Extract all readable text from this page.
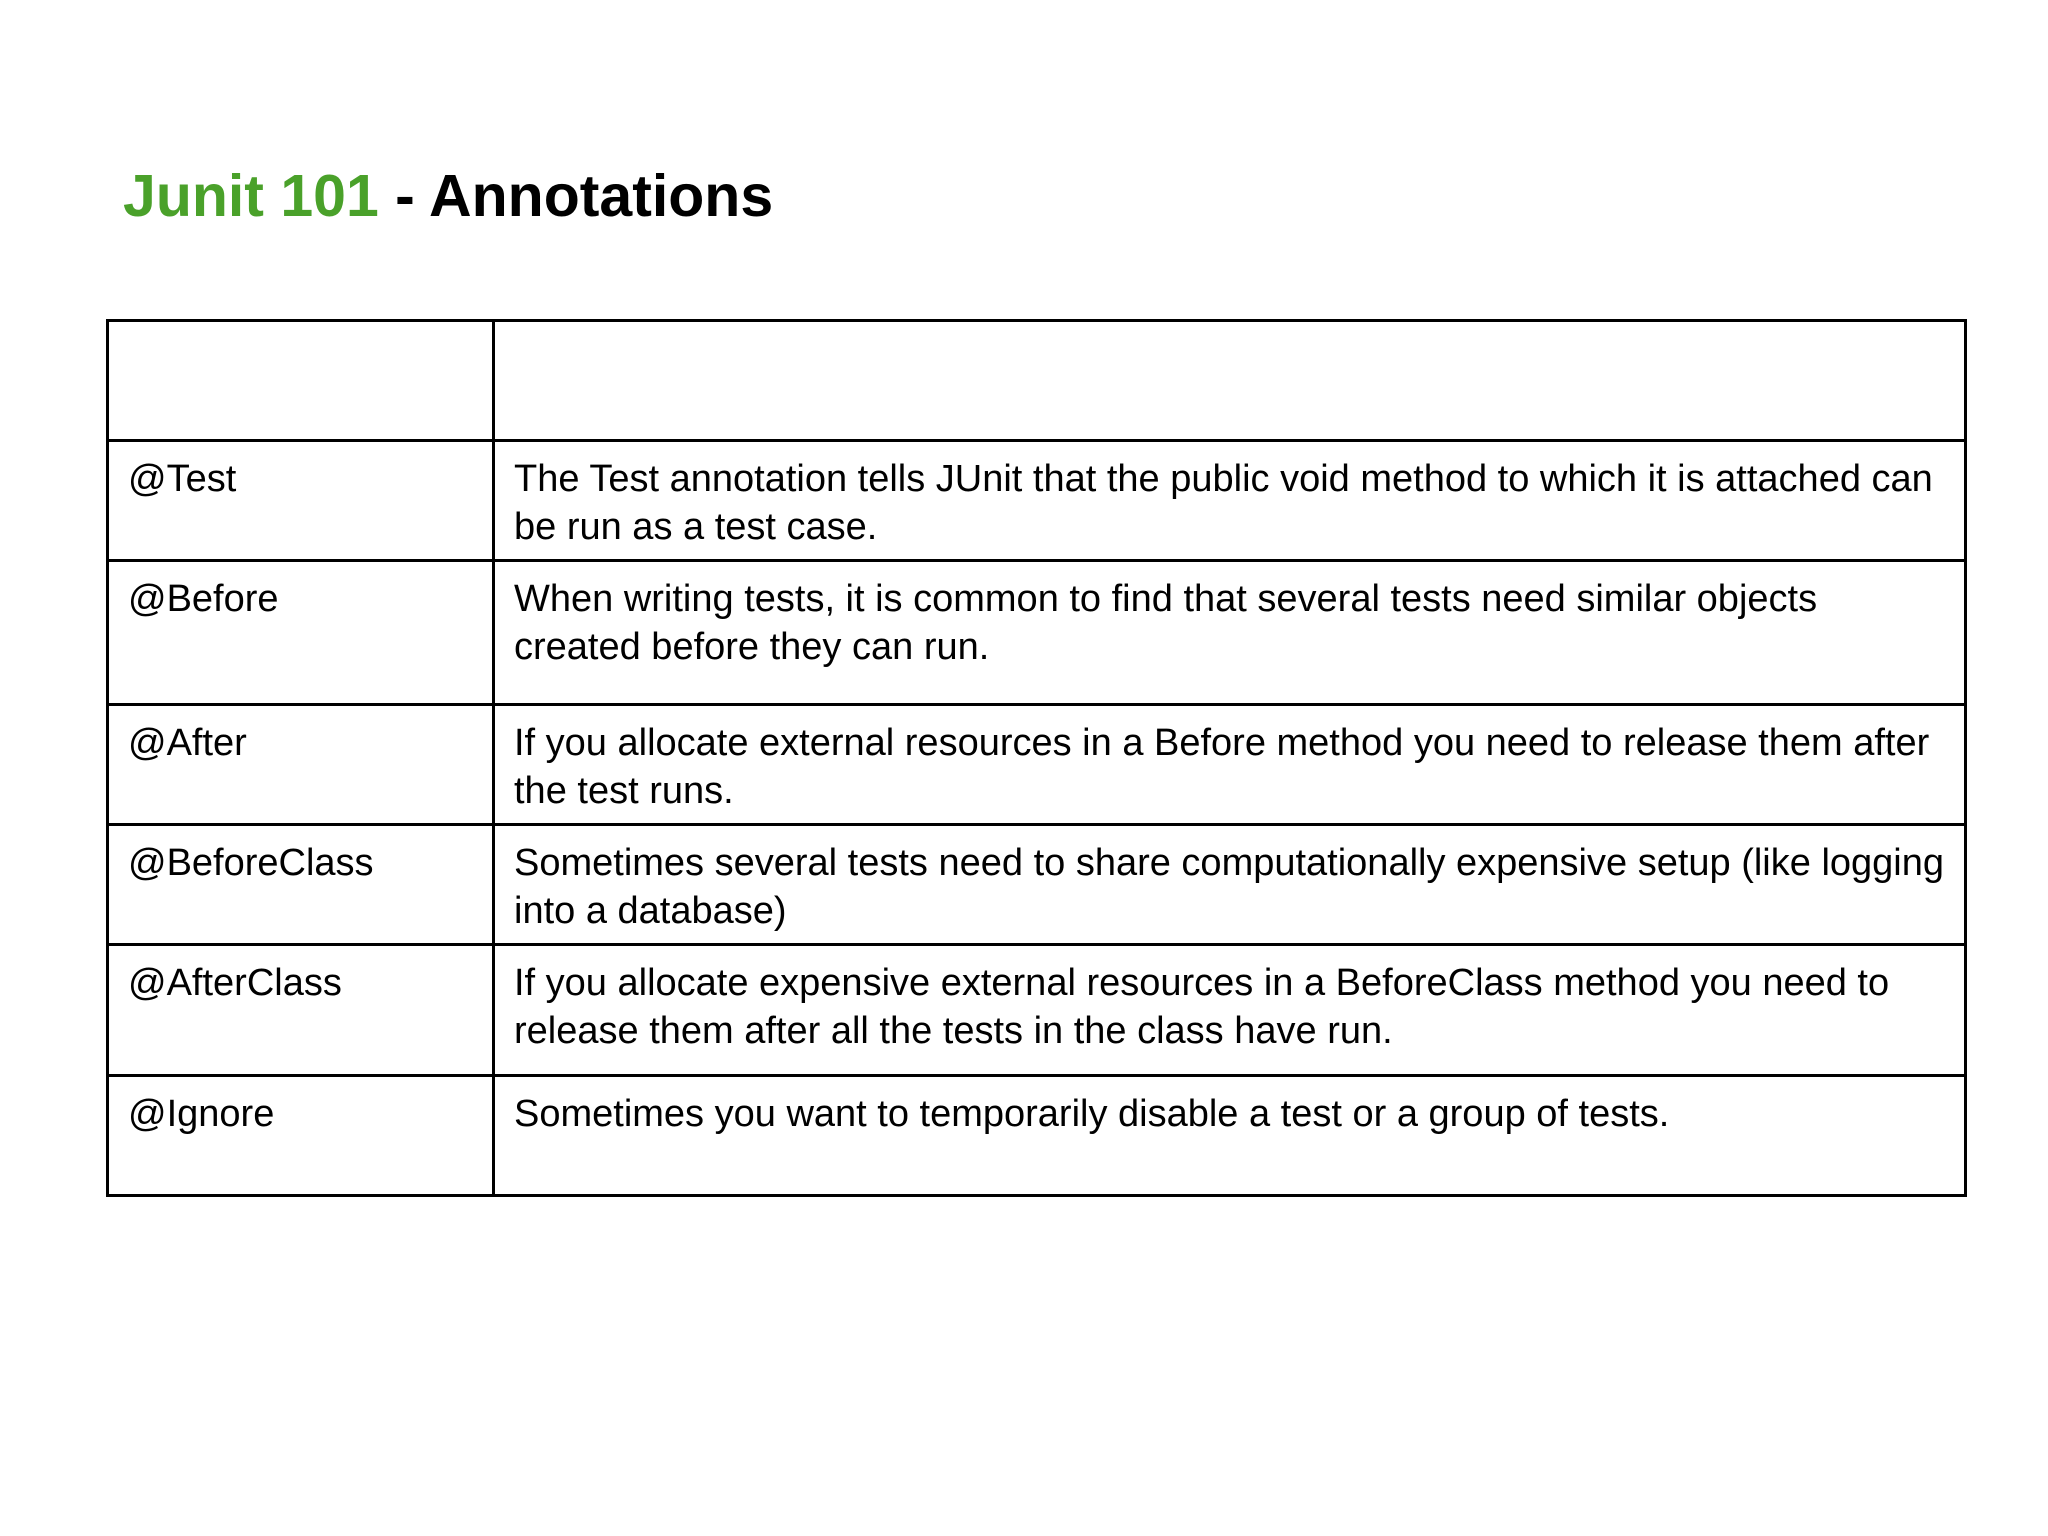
Junit 101 - Annotations

@Test	The Test annotation tells JUnit that the public void method to which it is attached can be run as a test case.
@Before	When writing tests, it is common to find that several tests need similar objects created before they can run.
@After	If you allocate external resources in a Before method you need to release them after the test runs.
@BeforeClass	Sometimes several tests need to share computationally expensive setup (like logging into a database)
@AfterClass	If you allocate expensive external resources in a BeforeClass method you need to release them after all the tests in the class have run.
@Ignore	Sometimes you want to temporarily disable a test or a group of tests.
